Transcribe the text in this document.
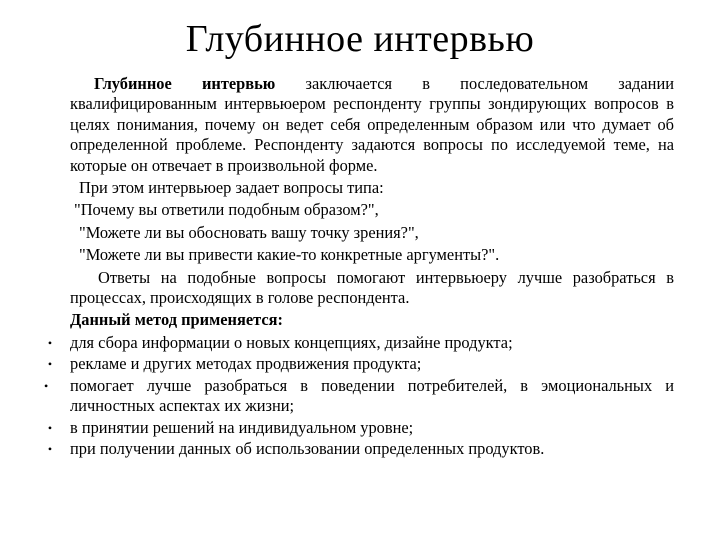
Глубинное интервью

Глубинное интервью заключается в последовательном задании квалифицированным интервьюером респонденту группы зондирующих вопросов в целях понимания, почему он ведет себя определенным образом или что думает об определенной проблеме. Респонденту задаются вопросы по исследуемой теме, на которые он отвечает в произвольной форме.

При этом интервьюер задает вопросы типа:

"Почему вы ответили подобным образом?",

"Можете ли вы обосновать вашу точку зрения?",

"Можете ли вы привести какие-то конкретные аргументы?".

Ответы на подобные вопросы помогают интервьюеру лучше разобраться в процессах, происходящих в голове респондента.

Данный метод применяется:

• для сбора информации о новых концепциях, дизайне продукта;
• рекламе и других методах продвижения продукта;
•	помогает лучше разобраться в поведении потребителей, в эмоциональных и личностных аспектах их жизни;
• в принятии решений на индивидуальном уровне;
• при получении данных об использовании определенных продуктов.
